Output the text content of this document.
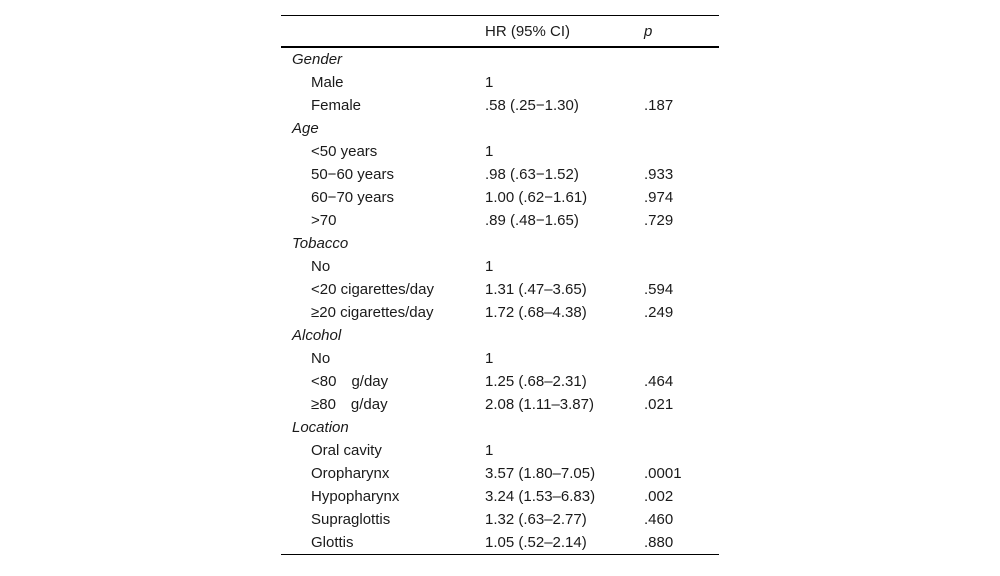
	HR (95% CI)	p
Gender		
Male	1	
Female	.58 (.25−1.30)	.187
Age		
<50 years	1	
50−60 years	.98 (.63−1.52)	.933
60−70 years	1.00 (.62−1.61)	.974
>70	.89 (.48−1.65)	.729
Tobacco		
No	1	
<20 cigarettes/day	1.31 (.47–3.65)	.594
≥20 cigarettes/day	1.72 (.68–4.38)	.249
Alcohol		
No	1	
<80 g/day	1.25 (.68–2.31)	.464
≥80 g/day	2.08 (1.11–3.87)	.021
Location		
Oral cavity	1	
Oropharynx	3.57 (1.80–7.05)	.0001
Hypopharynx	3.24 (1.53–6.83)	.002
Supraglottis	1.32 (.63–2.77)	.460
Glottis	1.05 (.52–2.14)	.880
